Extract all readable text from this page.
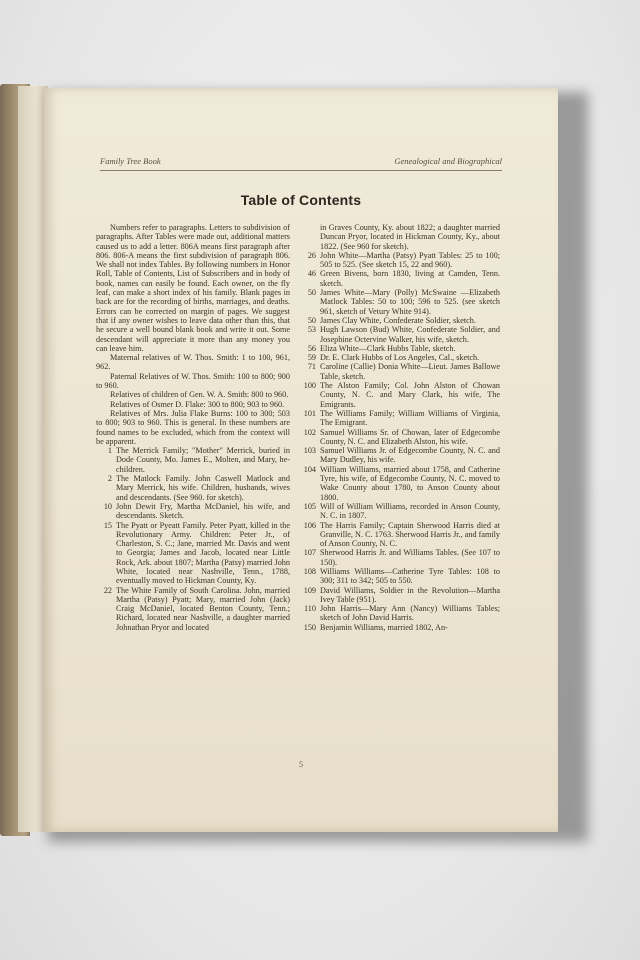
Family Tree Book	Genealogical and Biographical
Table of Contents

Numbers refer to paragraphs. Letters to subdivision of paragraphs. After Tables were made out, additional matters caused us to add a letter. 806A means first paragraph after 806. 806-A means the first subdivision of paragraph 806. We shall not index Tables. By following numbers in Honor Roll, Table of Contents, List of Subscribers and in body of book, names can easily be found. Each owner, on the fly leaf, can make a short index of his family. Blank pages in back are for the recording of births, marriages, and deaths. Errors can be corrected on margin of pages. We suggest that if any owner wishes to leave data other than this, that he secure a well bound blank book and write it out. Some descendant will appreciate it more than any money you can leave him.

Maternal relatives of W. Thos. Smith: 1 to 100, 961, 962.

Paternal Relatives of W. Thos. Smith: 100 to 800; 900 to 960.

Relatives of children of Gen. W. A. Smith: 800 to 960.

Relatives of Osmer D. Flake: 300 to 800; 903 to 960.

Relatives of Mrs. Julia Flake Burns: 100 to 300; 503 to 800; 903 to 960. This is general. In these numbers are found names to be excluded, which from the context will be apparent.

1 The Merrick Family; "Mother" Merrick, buried in Dode County, Mo. James E., Molten, and Mary, he- children.
2 The Matlock Family. John Caswell Matlock and Mary Merrick, his wife. Children, husbands, wives and descendants. (See 960. for sketch).
10 John Dewit Fry, Martha McDaniel, his wife, and descendants. Sketch.
15 The Pyatt or Pyeatt Family. Peter Pyatt, killed in the Revolutionary Army. Children: Peter Jr., of Charleston, S. C.; Jane, married Mr. Davis and went to Georgia; James and Jacob, located near Little Rock, Ark. about 1807; Martha (Patsy) married John White, located near Nashville, Tenn., 1788, eventually moved to Hickman County, Ky.
22 The White Family of South Carolina. John, married Martha (Patsy) Pyatt; Mary, married John (Jack) Craig McDaniel, located Benton County, Tenn.; Richard, located near Nashville, a daughter married Johnathan Pryor and located

in Graves County, Ky. about 1822; a daughter married Duncan Pryor, located in Hickman County, Ky., about 1822. (See 960 for sketch).

26 John White—Martha (Patsy) Pyatt Tables: 25 to 100; 505 to 525. (See sketch 15, 22 and 960).
46 Green Bivens, born 1830, living at Camden, Tenn. sketch.
50 James White—Mary (Polly) McSwaine —Elizabeth Matlock Tables: 50 to 100; 596 to 525. (see sketch 961, sketch of Vetury White 914).
50 James Clay White, Confederate Soldier, sketch.
53 Hugh Lawson (Bud) White, Confederate Soldier, and Josephine Octervine Walker, his wife, sketch.
56 Eliza White—Clark Hubbs Table, sketch.
59 Dr. E. Clark Hubbs of Los Angeles, Cal., sketch.
71 Caroline (Callie) Donia White—Lieut. James Ballowe Table, sketch.
100 The Alston Family; Col. John Alston of Chowan County, N. C. and Mary Clark, his wife, The Emigrants.
101 The Williams Family; William Williams of Virginia, The Emigrant.
102 Samuel Williams Sr. of Chowan, later of Edgecombe County, N. C. and Elizabeth Alston, his wife.
103 Samuel Williams Jr. of Edgecombe County, N. C. and Mary Dudley, his wife.
104 William Williams, married about 1758, and Catherine Tyre, his wife, of Edgecombe County, N. C. moved to Wake County about 1780, to Anson County about 1800.
105 Will of William Williams, recorded in Anson County, N. C. in 1807.
106 The Harris Family; Captain Sherwood Harris died at Granville, N. C. 1763. Sherwood Harris Jr., and family of Anson County, N. C.
107 Sherwood Harris Jr. and Williams Tables. (See 107 to 150).
108 Williams Williams—Catherine Tyre Tables: 108 to 300; 311 to 342; 505 to 550.
109 David Williams, Soldier in the Revolution—Martha Ivey Table (951).
110 John Harris—Mary Ann (Nancy) Williams Tables; sketch of John David Harris.
150 Benjamin Williams, married 1802, An-
5
